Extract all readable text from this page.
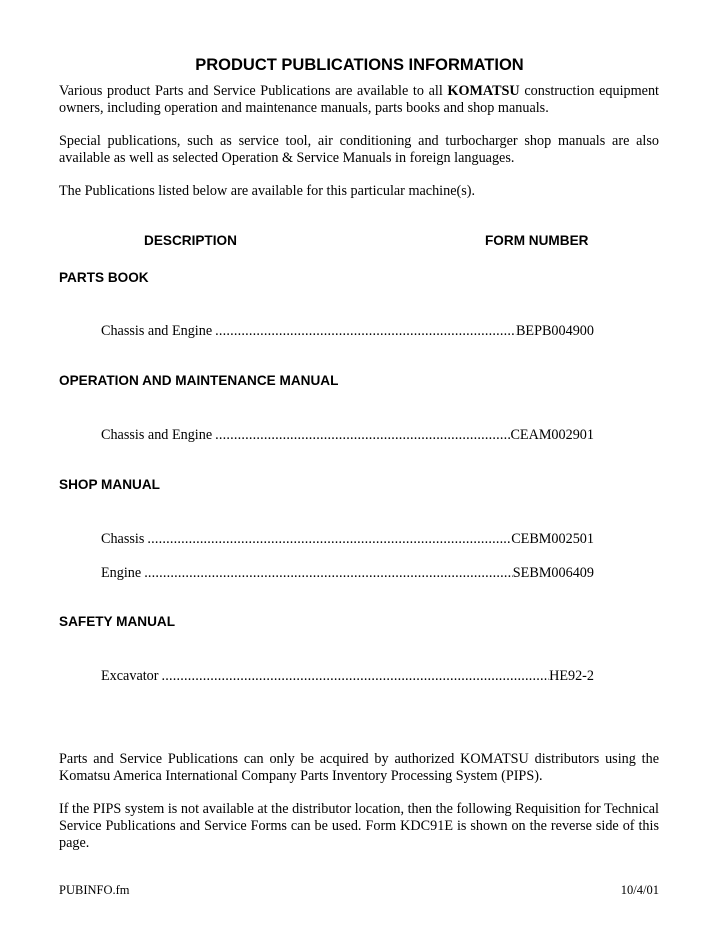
PRODUCT PUBLICATIONS INFORMATION

Various product Parts and Service Publications are available to all KOMATSU construction equipment owners, including operation and maintenance manuals, parts books and shop manuals.

Special publications, such as service tool, air conditioning and turbocharger shop manuals are also available as well as selected Operation & Service Manuals in foreign languages.

The Publications listed below are available for this particular machine(s).

DESCRIPTION	FORM NUMBER
PARTS BOOK
Chassis and Engine .....	BEPB004900
OPERATION AND MAINTENANCE MANUAL
Chassis and Engine .....	CEAM002901
SHOP MANUAL
Chassis .....	CEBM002501
Engine .....	SEBM006409
SAFETY MANUAL
Excavator .....	HE92-2

Parts and Service Publications can only be acquired by authorized KOMATSU distributors using the Komatsu America International Company Parts Inventory Processing System (PIPS).

If the PIPS system is not available at the distributor location, then the following Requisition for Technical Service Publications and Service Forms can be used. Form KDC91E is shown on the reverse side of this page.

PUBINFO.fm	10/4/01
